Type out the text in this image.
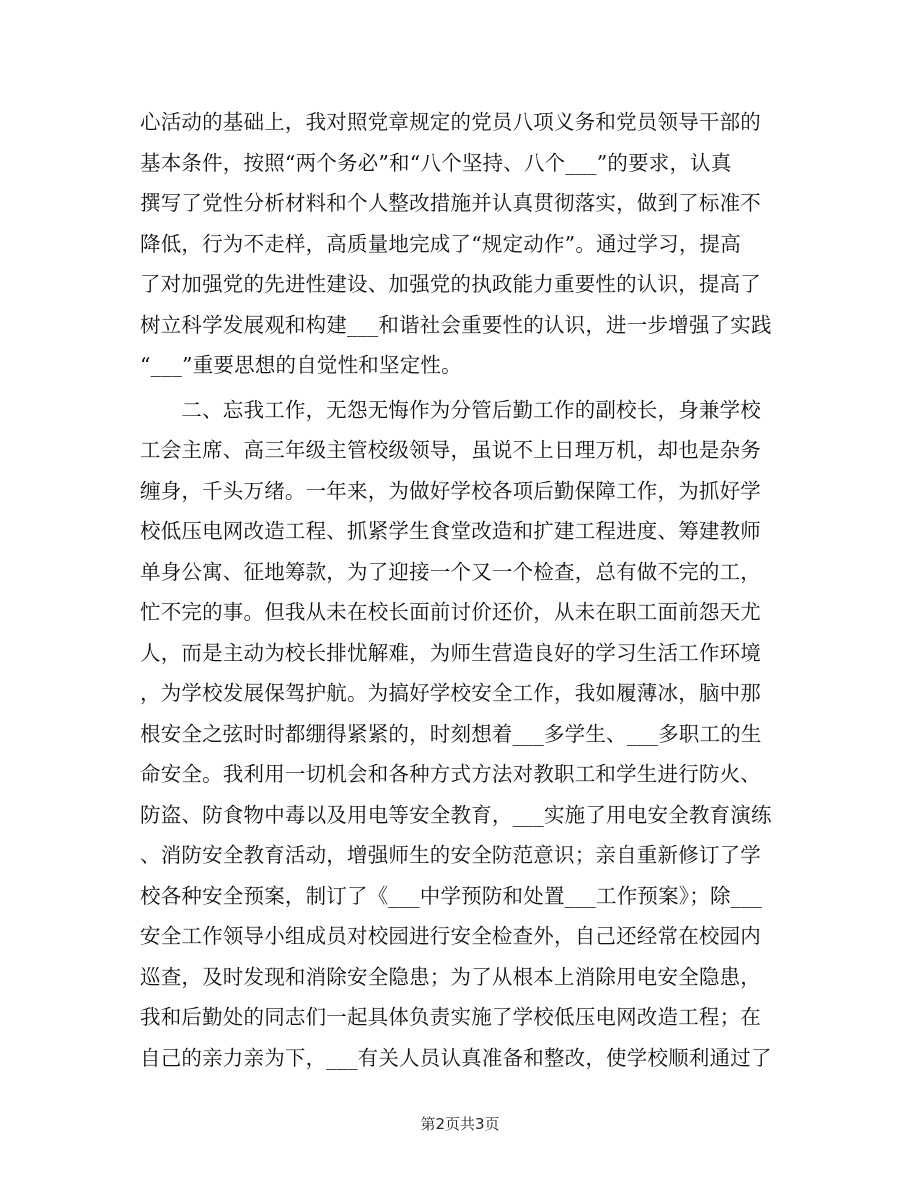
心活动的基础上，我对照党章规定的党员八项义务和党员领导干部的
基本条件，按照“两个务必”和“八个坚持、八个___”的要求，认真
撰写了党性分析材料和个人整改措施并认真贯彻落实，做到了标准不
降低，行为不走样，高质量地完成了“规定动作”。通过学习，提高
了对加强党的先进性建设、加强党的执政能力重要性的认识，提高了
树立科学发展观和构建___和谐社会重要性的认识，进一步增强了实践
“___”重要思想的自觉性和坚定性。
　　二、忘我工作，无怨无悔作为分管后勤工作的副校长，身兼学校
工会主席、高三年级主管校级领导，虽说不上日理万机，却也是杂务
缠身，千头万绪。一年来，为做好学校各项后勤保障工作，为抓好学
校低压电网改造工程、抓紧学生食堂改造和扩建工程进度、筹建教师
单身公寓、征地筹款，为了迎接一个又一个检查，总有做不完的工，
忙不完的事。但我从未在校长面前讨价还价，从未在职工面前怨天尤
人，而是主动为校长排忧解难，为师生营造良好的学习生活工作环境
，为学校发展保驾护航。为搞好学校安全工作，我如履薄冰，脑中那
根安全之弦时时都绷得紧紧的，时刻想着___多学生、___多职工的生
命安全。我利用一切机会和各种方式方法对教职工和学生进行防火、
防盗、防食物中毒以及用电等安全教育，___实施了用电安全教育演练
、消防安全教育活动，增强师生的安全防范意识；亲自重新修订了学
校各种安全预案，制订了《___中学预防和处置___工作预案》；除___
安全工作领导小组成员对校园进行安全检查外，自己还经常在校园内
巡查，及时发现和消除安全隐患；为了从根本上消除用电安全隐患，
我和后勤处的同志们一起具体负责实施了学校低压电网改造工程；在
自己的亲力亲为下，___有关人员认真准备和整改，使学校顺利通过了
第2页共3页
